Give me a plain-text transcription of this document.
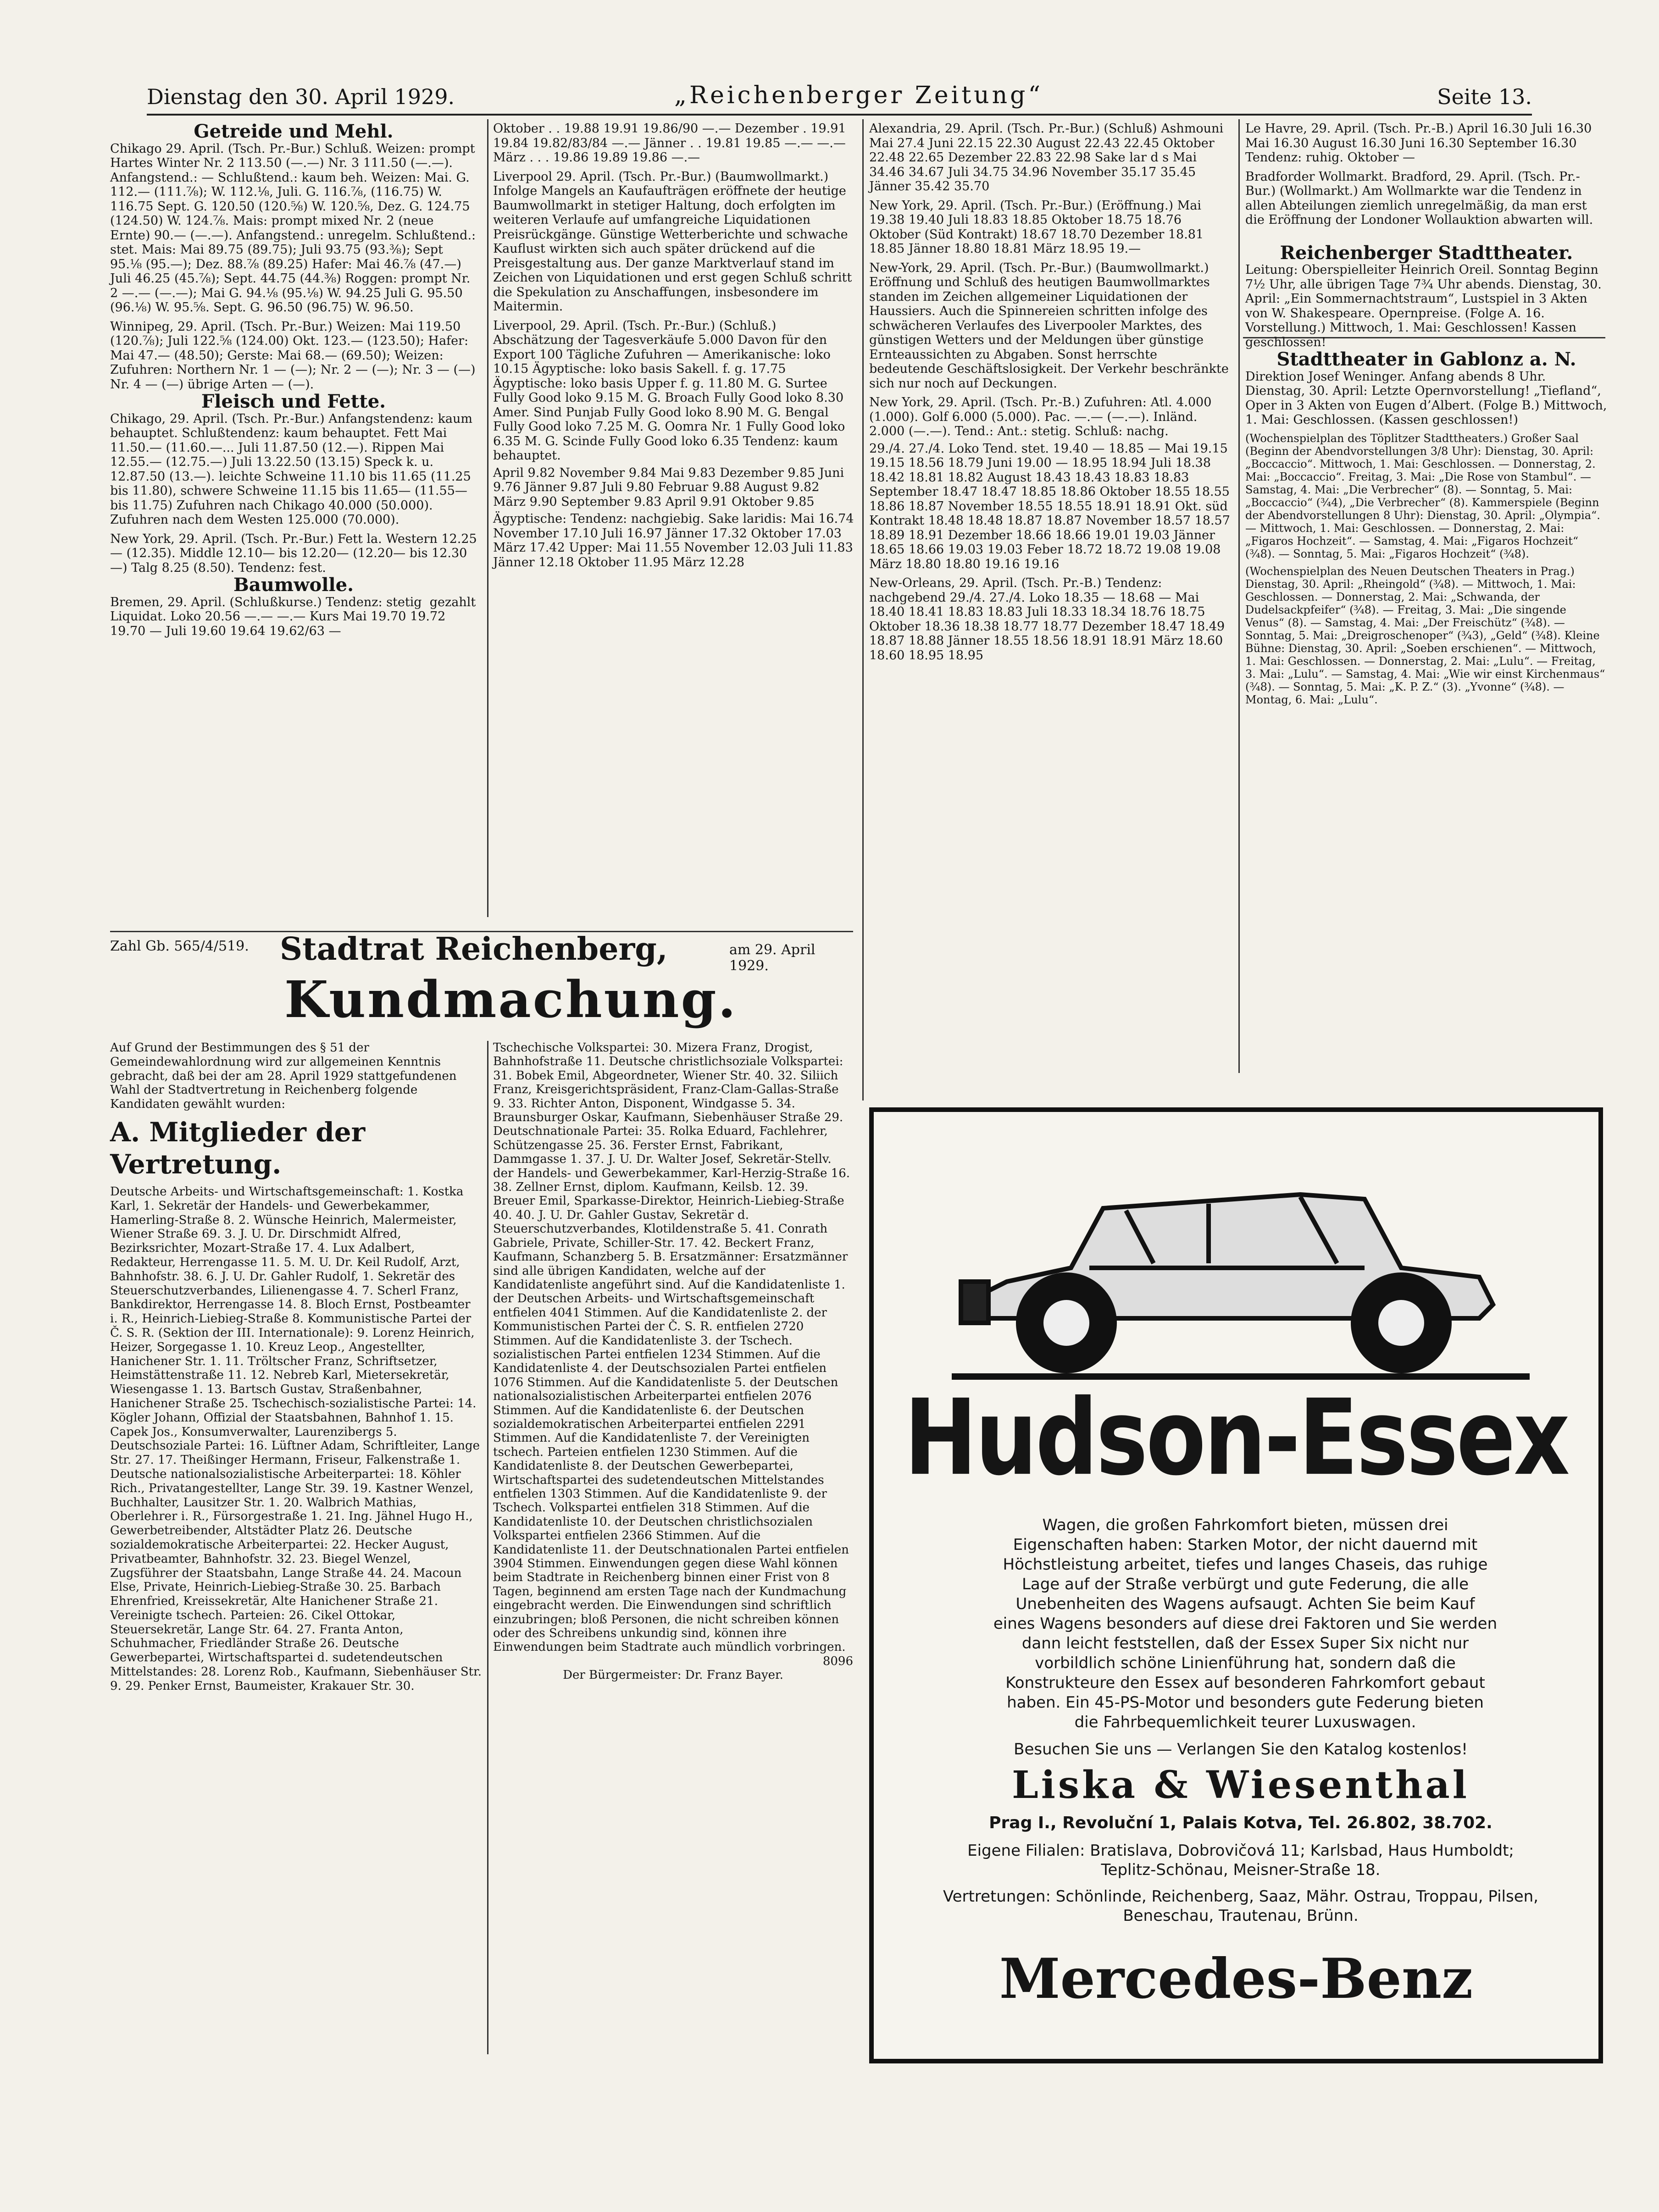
Dienstag den 30. April 1929.	„Reichenberger Zeitung“	Seite 13.

Getreide und Mehl.

Chikago 29. April. (Tsch. Pr.-Bur.) Schluß. Weizen: prompt Hartes Winter Nr. 2 113.50 (—.—) Nr. 3 111.50 (—.—). Anfangstend.: — Schlußtend.: kaum beh. Weizen: Mai. G. 112.— (111.⅞); W. 112.⅛, Juli. G. 116.⅞, (116.75) W. 116.75 Sept. G. 120.50 (120.⅝) W. 120.⅝, Dez. G. 124.75 (124.50) W. 124.⅞. Mais: prompt mixed Nr. 2 (neue Ernte) 90.— (—.—). Anfangstend.: unregelm. Schlußtend.: stet. Mais: Mai 89.75 (89.75); Juli 93.75 (93.⅜); Sept 95.⅛ (95.—); Dez. 88.⅞ (89.25) Hafer: Mai 46.⅞ (47.—) Juli 46.25 (45.⅞); Sept. 44.75 (44.⅜) Roggen: prompt Nr. 2 —.— (—.—); Mai G. 94.⅛ (95.⅛) W. 94.25 Juli G. 95.50 (96.⅛) W. 95.⅝. Sept. G. 96.50 (96.75) W. 96.50.

Winnipeg, 29. April. (Tsch. Pr.-Bur.) Weizen: Mai 119.50 (120.⅞); Juli 122.⅝ (124.00) Okt. 123.— (123.50); Hafer: Mai 47.— (48.50); Gerste: Mai 68.— (69.50); Weizen: Zufuhren: Northern Nr. 1 — (—); Nr. 2 — (—); Nr. 3 — (—) Nr. 4 — (—) übrige Arten — (—).

Fleisch und Fette.

Chikago, 29. April. (Tsch. Pr.-Bur.) Anfangstendenz: kaum behauptet. Schlußtendenz: kaum behauptet. Fett Mai 11.50.— (11.60.—... Juli 11.87.50 (12.—). Rippen Mai 12.55.— (12.75.—) Juli 13.22.50 (13.15) Speck k. u. 12.87.50 (13.—). leichte Schweine 11.10 bis 11.65 (11.25 bis 11.80), schwere Schweine 11.15 bis 11.65— (11.55— bis 11.75) Zufuhren nach Chikago 40.000 (50.000). Zufuhren nach dem Westen 125.000 (70.000).

New York, 29. April. (Tsch. Pr.-Bur.) Fett la. Western 12.25— (12.35). Middle 12.10— bis 12.20— (12.20— bis 12.30—) Talg 8.25 (8.50). Tendenz: fest.

Baumwolle.

Bremen, 29. April. (Schlußkurse.) Tendenz: stetig  gezahlt  Liquidat. Loko 20.56 —.— —.— Kurs Mai 19.70 19.72 19.70 — Juli 19.60 19.64 19.62/63 —

Oktober . . 19.88 19.91 19.86/90 —.— Dezember . 19.91 19.84 19.82/83/84 —.— Jänner . . 19.81 19.85 —.— —.— März . . . 19.86 19.89 19.86 —.—

Liverpool 29. April. (Tsch. Pr.-Bur.) (Baumwollmarkt.) Infolge Mangels an Kaufaufträgen eröffnete der heutige Baumwollmarkt in stetiger Haltung, doch erfolgten im weiteren Verlaufe auf umfangreiche Liquidationen Preisrückgänge. Günstige Wetterberichte und schwache Kauflust wirkten sich auch später drückend auf die Preisgestaltung aus. Der ganze Marktverlauf stand im Zeichen von Liquidationen und erst gegen Schluß schritt die Spekulation zu Anschaffungen, insbesondere im Maitermin.

Liverpool, 29. April. (Tsch. Pr.-Bur.) (Schluß.) Abschätzung der Tagesverkäufe 5.000 Davon für den Export 100 Tägliche Zufuhren — Amerikanische: loko 10.15 Ägyptische: loko basis Sakell. f. g. 17.75 Ägyptische: loko basis Upper f. g. 11.80 M. G. Surtee Fully Good loko 9.15 M. G. Broach Fully Good loko 8.30 Amer. Sind Punjab Fully Good loko 8.90 M. G. Bengal Fully Good loko 7.25 M. G. Oomra Nr. 1 Fully Good loko 6.35 M. G. Scinde Fully Good loko 6.35 Tendenz: kaum behauptet.

April 9.82 November 9.84 Mai 9.83 Dezember 9.85 Juni 9.76 Jänner 9.87 Juli 9.80 Februar 9.88 August 9.82 März 9.90 September 9.83 April 9.91 Oktober 9.85

Ägyptische: Tendenz: nachgiebig. Sake laridis: Mai 16.74 November 17.10 Juli 16.97 Jänner 17.32 Oktober 17.03 März 17.42 Upper: Mai 11.55 November 12.03 Juli 11.83 Jänner 12.18 Oktober 11.95 März 12.28

Alexandria, 29. April. (Tsch. Pr.-Bur.) (Schluß) Ashmouni Mai 27.4 Juni 22.15 22.30 August 22.43 22.45 Oktober 22.48 22.65 Dezember 22.83 22.98 Sake lar d s Mai 34.46 34.67 Juli 34.75 34.96 November 35.17 35.45 Jänner 35.42 35.70

New York, 29. April. (Tsch. Pr.-Bur.) (Eröffnung.) Mai 19.38 19.40 Juli 18.83 18.85 Oktober 18.75 18.76 Oktober (Süd Kontrakt) 18.67 18.70 Dezember 18.81 18.85 Jänner 18.80 18.81 März 18.95 19.—

New-York, 29. April. (Tsch. Pr.-Bur.) (Baumwollmarkt.) Eröffnung und Schluß des heutigen Baumwollmarktes standen im Zeichen allgemeiner Liquidationen der Haussiers. Auch die Spinnereien schritten infolge des schwächeren Verlaufes des Liverpooler Marktes, des günstigen Wetters und der Meldungen über günstige Ernteaussichten zu Abgaben. Sonst herrschte bedeutende Geschäftslosigkeit. Der Verkehr beschränkte sich nur noch auf Deckungen.

New York, 29. April. (Tsch. Pr.-B.) Zufuhren: Atl. 4.000 (1.000). Golf 6.000 (5.000). Pac. —.— (—.—). Inländ. 2.000 (—.—). Tend.: Ant.: stetig. Schluß: nachg.

29./4. 27./4. Loko Tend. stet. 19.40 — 18.85 — Mai 19.15 19.15 18.56 18.79 Juni 19.00 — 18.95 18.94 Juli 18.38 18.42 18.81 18.82 August 18.43 18.43 18.83 18.83 September 18.47 18.47 18.85 18.86 Oktober 18.55 18.55 18.86 18.87 November 18.55 18.55 18.91 18.91 Okt. süd Kontrakt 18.48 18.48 18.87 18.87 November 18.57 18.57 18.89 18.91 Dezember 18.66 18.66 19.01 19.03 Jänner 18.65 18.66 19.03 19.03 Feber 18.72 18.72 19.08 19.08 März 18.80 18.80 19.16 19.16

New-Orleans, 29. April. (Tsch. Pr.-B.) Tendenz: nachgebend 29./4. 27./4. Loko 18.35 — 18.68 — Mai 18.40 18.41 18.83 18.83 Juli 18.33 18.34 18.76 18.75 Oktober 18.36 18.38 18.77 18.77 Dezember 18.47 18.49 18.87 18.88 Jänner 18.55 18.56 18.91 18.91 März 18.60 18.60 18.95 18.95

Le Havre, 29. April. (Tsch. Pr.-B.) April 16.30 Juli 16.30 Mai 16.30 August 16.30 Juni 16.30 September 16.30 Tendenz: ruhig. Oktober —

Bradforder Wollmarkt. Bradford, 29. April. (Tsch. Pr.-Bur.) (Wollmarkt.) Am Wollmarkte war die Tendenz in allen Abteilungen ziemlich unregelmäßig, da man erst die Eröffnung der Londoner Wollauktion abwarten will.

Reichenberger Stadttheater.

Leitung: Oberspielleiter Heinrich Oreil. Sonntag Beginn 7½ Uhr, alle übrigen Tage 7¾ Uhr abends. Dienstag, 30. April: „Ein Sommernachtstraum“, Lustspiel in 3 Akten von W. Shakespeare. Opernpreise. (Folge A. 16. Vorstellung.) Mittwoch, 1. Mai: Geschlossen! Kassen geschlossen!

Stadttheater in Gablonz a. N.

Direktion Josef Weninger. Anfang abends 8 Uhr. Dienstag, 30. April: Letzte Opernvorstellung! „Tiefland“, Oper in 3 Akten von Eugen d’Albert. (Folge B.) Mittwoch, 1. Mai: Geschlossen. (Kassen geschlossen!)

(Wochenspielplan des Töplitzer Stadttheaters.) Großer Saal (Beginn der Abendvorstellungen 3/8 Uhr): Dienstag, 30. April: „Boccaccio“. Mittwoch, 1. Mai: Geschlossen. — Donnerstag, 2. Mai: „Boccaccio“. Freitag, 3. Mai: „Die Rose von Stambul“. — Samstag, 4. Mai: „Die Verbrecher“ (8). — Sonntag, 5. Mai: „Boccaccio“ (¾4), „Die Verbrecher“ (8). Kammerspiele (Beginn der Abendvorstellungen 8 Uhr): Dienstag, 30. April: „Olympia“. — Mittwoch, 1. Mai: Geschlossen. — Donnerstag, 2. Mai: „Figaros Hochzeit“. — Samstag, 4. Mai: „Figaros Hochzeit“ (¾8). — Sonntag, 5. Mai: „Figaros Hochzeit“ (¾8).

(Wochenspielplan des Neuen Deutschen Theaters in Prag.) Dienstag, 30. April: „Rheingold“ (¾8). — Mittwoch, 1. Mai: Geschlossen. — Donnerstag, 2. Mai: „Schwanda, der Dudelsackpfeifer“ (¾8). — Freitag, 3. Mai: „Die singende Venus“ (8). — Samstag, 4. Mai: „Der Freischütz“ (¾8). — Sonntag, 5. Mai: „Dreigroschenoper“ (¾3), „Geld“ (¾8). Kleine Bühne: Dienstag, 30. April: „Soeben erschienen“. — Mittwoch, 1. Mai: Geschlossen. — Donnerstag, 2. Mai: „Lulu“. — Freitag, 3. Mai: „Lulu“. — Samstag, 4. Mai: „Wie wir einst Kirchenmaus“ (¾8). — Sonntag, 5. Mai: „K. P. Z.“ (3). „Yvonne“ (¾8). — Montag, 6. Mai: „Lulu“.

Zahl Gb. 565/4/519. Stadtrat Reichenberg,	am 29. April 1929.
Kundmachung.

Auf Grund der Bestimmungen des § 51 der Gemeindewahlordnung wird zur allgemeinen Kenntnis gebracht, daß bei der am 28. April 1929 stattgefundenen Wahl der Stadtvertretung in Reichenberg folgende Kandidaten gewählt wurden:

A. Mitglieder der Vertretung.

Deutsche Arbeits- und Wirtschaftsgemeinschaft: 1. Kostka Karl, 1. Sekretär der Handels- und Gewerbekammer, Hamerling-Straße 8. 2. Wünsche Heinrich, Malermeister, Wiener Straße 69. 3. J. U. Dr. Dirschmidt Alfred, Bezirksrichter, Mozart-Straße 17. 4. Lux Adalbert, Redakteur, Herrengasse 11. 5. M. U. Dr. Keil Rudolf, Arzt, Bahnhofstr. 38. 6. J. U. Dr. Gahler Rudolf, 1. Sekretär des Steuerschutzverbandes, Lilienengasse 4. 7. Scherl Franz, Bankdirektor, Herrengasse 14. 8. Bloch Ernst, Postbeamter i. R., Heinrich-Liebieg-Straße 8. Kommunistische Partei der Č. S. R. (Sektion der III. Internationale): 9. Lorenz Heinrich, Heizer, Sorgegasse 1. 10. Kreuz Leop., Angestellter, Hanichener Str. 1. 11. Tröltscher Franz, Schriftsetzer, Heimstättenstraße 11. 12. Nebreb Karl, Mietersekretär, Wiesengasse 1. 13. Bartsch Gustav, Straßenbahner, Hanichener Straße 25. Tschechisch-sozialistische Partei: 14. Kögler Johann, Offizial der Staatsbahnen, Bahnhof 1. 15. Capek Jos., Konsumverwalter, Laurenzibergs 5. Deutschsoziale Partei: 16. Lüftner Adam, Schriftleiter, Lange Str. 27. 17. Theißinger Hermann, Friseur, Falkenstraße 1. Deutsche nationalsozialistische Arbeiterpartei: 18. Köhler Rich., Privatangestellter, Lange Str. 39. 19. Kastner Wenzel, Buchhalter, Lausitzer Str. 1. 20. Walbrich Mathias, Oberlehrer i. R., Fürsorgestraße 1. 21. Ing. Jähnel Hugo H., Gewerbetreibender, Altstädter Platz 26. Deutsche sozialdemokratische Arbeiterpartei: 22. Hecker August, Privatbeamter, Bahnhofstr. 32. 23. Biegel Wenzel, Zugsführer der Staatsbahn, Lange Straße 44. 24. Macoun Else, Private, Heinrich-Liebieg-Straße 30. 25. Barbach Ehrenfried, Kreissekretär, Alte Hanichener Straße 21. Vereinigte tschech. Parteien: 26. Cikel Ottokar, Steuersekretär, Lange Str. 64. 27. Franta Anton, Schuhmacher, Friedländer Straße 26. Deutsche Gewerbepartei, Wirtschaftspartei d. sudetendeutschen Mittelstandes: 28. Lorenz Rob., Kaufmann, Siebenhäuser Str. 9. 29. Penker Ernst, Baumeister, Krakauer Str. 30.

Tschechische Volkspartei: 30. Mizera Franz, Drogist, Bahnhofstraße 11. Deutsche christlichsoziale Volkspartei: 31. Bobek Emil, Abgeordneter, Wiener Str. 40. 32. Siliich Franz, Kreisgerichtspräsident, Franz-Clam-Gallas-Straße 9. 33. Richter Anton, Disponent, Windgasse 5. 34. Braunsburger Oskar, Kaufmann, Siebenhäuser Straße 29. Deutschnationale Partei: 35. Rolka Eduard, Fachlehrer, Schützengasse 25. 36. Ferster Ernst, Fabrikant, Dammgasse 1. 37. J. U. Dr. Walter Josef, Sekretär-Stellv. der Handels- und Gewerbekammer, Karl-Herzig-Straße 16. 38. Zellner Ernst, diplom. Kaufmann, Keilsb. 12. 39. Breuer Emil, Sparkasse-Direktor, Heinrich-Liebieg-Straße 40. 40. J. U. Dr. Gahler Gustav, Sekretär d. Steuerschutzverbandes, Klotildenstraße 5. 41. Conrath Gabriele, Private, Schiller-Str. 17. 42. Beckert Franz, Kaufmann, Schanzberg 5. B. Ersatzmänner: Ersatzmänner sind alle übrigen Kandidaten, welche auf der Kandidatenliste angeführt sind. Auf die Kandidatenliste 1. der Deutschen Arbeits- und Wirtschaftsgemeinschaft entfielen 4041 Stimmen. Auf die Kandidatenliste 2. der Kommunistischen Partei der Č. S. R. entfielen 2720 Stimmen. Auf die Kandidatenliste 3. der Tschech. sozialistischen Partei entfielen 1234 Stimmen. Auf die Kandidatenliste 4. der Deutschsozialen Partei entfielen 1076 Stimmen. Auf die Kandidatenliste 5. der Deutschen nationalsozialistischen Arbeiterpartei entfielen 2076 Stimmen. Auf die Kandidatenliste 6. der Deutschen sozialdemokratischen Arbeiterpartei entfielen 2291 Stimmen. Auf die Kandidatenliste 7. der Vereinigten tschech. Parteien entfielen 1230 Stimmen. Auf die Kandidatenliste 8. der Deutschen Gewerbepartei, Wirtschaftspartei des sudetendeutschen Mittelstandes entfielen 1303 Stimmen. Auf die Kandidatenliste 9. der Tschech. Volkspartei entfielen 318 Stimmen. Auf die Kandidatenliste 10. der Deutschen christlichsozialen Volkspartei entfielen 2366 Stimmen. Auf die Kandidatenliste 11. der Deutschnationalen Partei entfielen 3904 Stimmen. Einwendungen gegen diese Wahl können beim Stadtrate in Reichenberg binnen einer Frist von 8 Tagen, beginnend am ersten Tage nach der Kundmachung eingebracht werden. Die Einwendungen sind schriftlich einzubringen; bloß Personen, die nicht schreiben können oder des Schreibens unkundig sind, können ihre Einwendungen beim Stadtrate auch mündlich vorbringen.

8096

Der Bürgermeister: Dr. Franz Bayer.

Hudson-Essex
Wagen, die großen Fahrkomfort bieten, müssen drei Eigenschaften haben: Starken Motor, der nicht dauernd mit Höchstleistung arbeitet, tiefes und langes Chaseis, das ruhige Lage auf der Straße verbürgt und gute Federung, die alle Unebenheiten des Wagens aufsaugt. Achten Sie beim Kauf eines Wagens besonders auf diese drei Faktoren und Sie werden dann leicht feststellen, daß der Essex Super Six nicht nur vorbildlich schöne Linienführung hat, sondern daß die Konstrukteure den Essex auf besonderen Fahrkomfort gebaut haben. Ein 45-PS-Motor und besonders gute Federung bieten die Fahrbequemlichkeit teurer Luxuswagen.
Besuchen Sie uns — Verlangen Sie den Katalog kostenlos!
Liska & Wiesenthal
Prag I., Revoluční 1, Palais Kotva, Tel. 26.802, 38.702.
Eigene Filialen: Bratislava, Dobrovičová 11; Karlsbad, Haus Humboldt; Teplitz-Schönau, Meisner-Straße 18.
Vertretungen: Schönlinde, Reichenberg, Saaz, Mähr. Ostrau, Troppau, Pilsen, Beneschau, Trautenau, Brünn.
Mercedes-Benz
